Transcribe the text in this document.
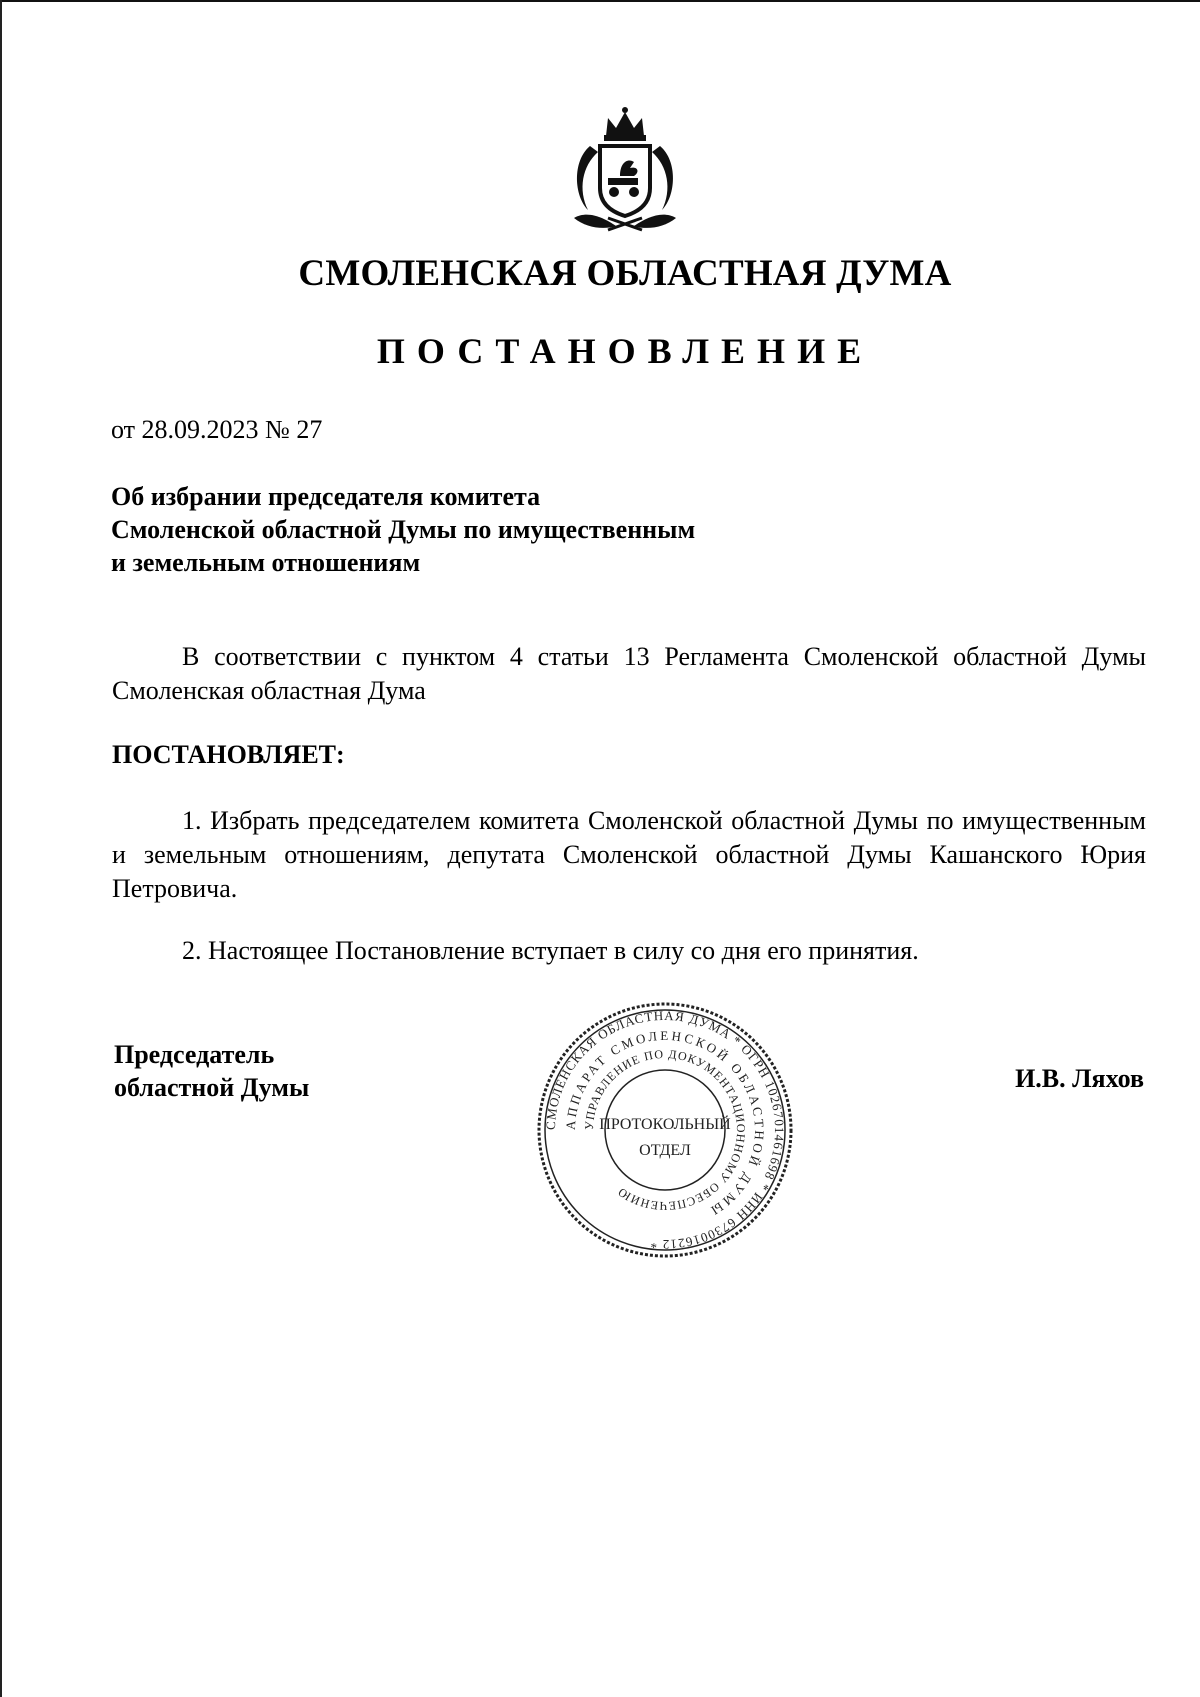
СМОЛЕНСКАЯ ОБЛАСТНАЯ ДУМА
ПОСТАНОВЛЕНИЕ
от 28.09.2023 № 27
Об избрании председателя комитета
Смоленской областной Думы по имущественным
и земельным отношениям
В соответствии с пунктом 4 статьи 13 Регламента Смоленской областной Думы Смоленская областная Дума
ПОСТАНОВЛЯЕТ:
1. Избрать председателем комитета Смоленской областной Думы по имущественным и земельным отношениям, депутата Смоленской областной Думы Кашанского Юрия Петровича.
2. Настоящее Постановление вступает в силу со дня его принятия.
Председатель
областной Думы	И.В. Ляхов
СМОЛЕНСКАЯ ОБЛАСТНАЯ ДУМА * ОГРН 1026701461698 * ИНН 6730016212 *
АППАРАТ СМОЛЕНСКОЙ ОБЛАСТНОЙ ДУМЫ
УПРАВЛЕНИЕ ПО ДОКУМЕНТАЦИОННОМУ ОБЕСПЕЧЕНИЮ
ПРОТОКОЛЬНЫЙ
ОТДЕЛ
